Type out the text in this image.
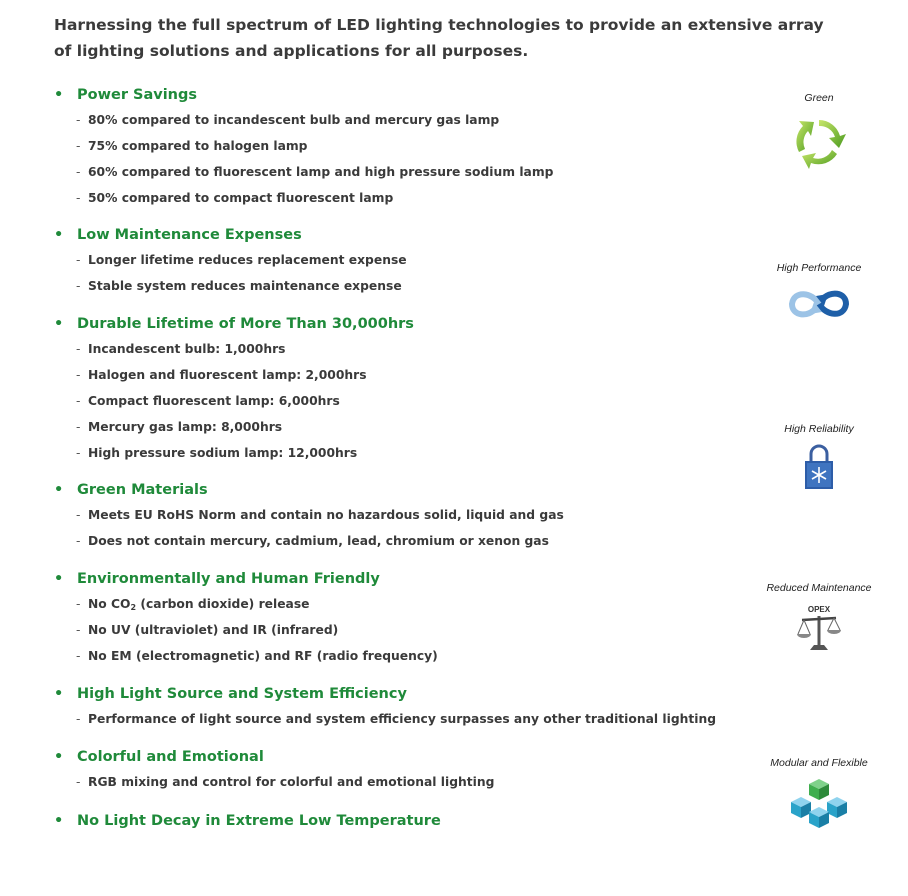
Harnessing the full spectrum of LED lighting technologies to provide an extensive array of lighting solutions and applications for all purposes.
• Power Savings
- 80% compared to incandescent bulb and mercury gas lamp
- 75% compared to halogen lamp
- 60% compared to fluorescent lamp and high pressure sodium lamp
- 50% compared to compact fluorescent lamp
• Low Maintenance Expenses
- Longer lifetime reduces replacement expense
- Stable system reduces maintenance expense
• Durable Lifetime of More Than 30,000hrs
- Incandescent bulb: 1,000hrs
- Halogen and fluorescent lamp: 2,000hrs
- Compact fluorescent lamp: 6,000hrs
- Mercury gas lamp: 8,000hrs
- High pressure sodium lamp: 12,000hrs
• Green Materials
- Meets EU RoHS Norm and contain no hazardous solid, liquid and gas
- Does not contain mercury, cadmium, lead, chromium or xenon gas
• Environmentally and Human Friendly
- No $CO_2$ (carbon dioxide) release
- No UV (ultraviolet) and IR (infrared)
- No EM (electromagnetic) and RF (radio frequency)
• High Light Source and System Efficiency
- Performance of light source and system efficiency surpasses any other traditional lighting
• Colorful and Emotional
- RGB mixing and control for colorful and emotional lighting
• No Light Decay in Extreme Low Temperature
Green
High Performance
High Reliability
Reduced Maintenance
OPEX
Modular and Flexible
